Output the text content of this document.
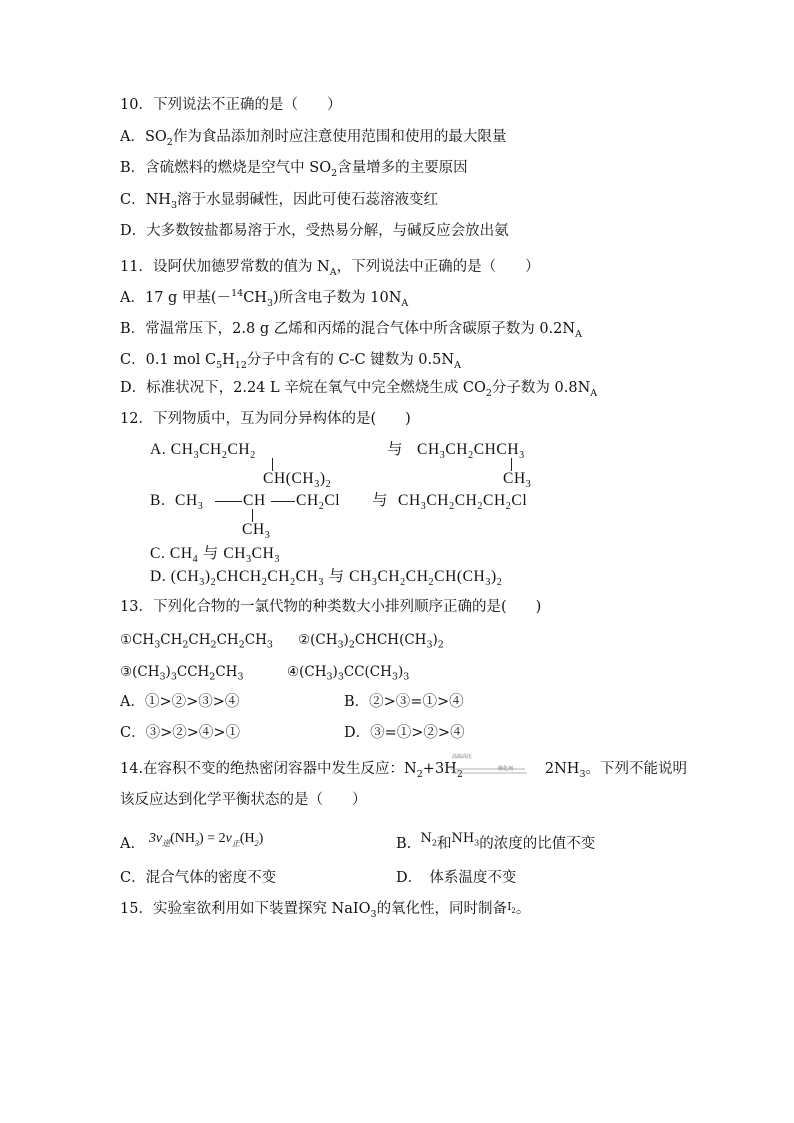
10．下列说法不正确的是（　　）
A．$SO_2$作为食品添加剂时应注意使用范围和使用的最大限量
B．含硫燃料的燃烧是空气中 $SO_2$含量增多的主要原因
C．$NH_3$溶于水显弱碱性，因此可使石蕊溶液变红
D．大多数铵盐都易溶于水，受热易分解，与碱反应会放出氨
11．设阿伏加德罗常数的值为 $N_A$，下列说法中正确的是（　　）
A．17 g 甲基$(-^{14}CH_3)$所含电子数为 $10N_A$
B．常温常压下，2.8 g 乙烯和丙烯的混合气体中所含碳原子数为 $0.2N_A$
C．0.1 mol $C_5H_{12}$分子中含有的 C-C 键数为 $0.5N_A$
D．标准状况下，2.24 L 辛烷在氧气中完全燃烧生成 $CO_2$分子数为 $0.8N_A$
12．下列物质中，互为同分异构体的是(　　)
A. $CH_3CH_2CH_2$
$CH(CH_3)_2$
与 $CH_3CH_2CHCH_3$
$CH_3$
B. $CH_3$	CH $CH_2Cl$
$CH_3$
与 $CH_3CH_2CH_2CH_2Cl$
C. $CH_4$ 与 $CH_3CH_3$
D. $(CH_3)_2CHCH_2CH_2CH_3$ 与 $CH_3CH_2CH_2CH(CH_3)_2$
13．下列化合物的一氯代物的种类数大小排列顺序正确的是(　　)
$①CH_3CH_2CH_2CH_2CH_3$ $②(CH_3)_2CHCH(CH_3)_2$
$③(CH_3)_3CCH_2CH_3$	$④(CH_3)_3CC(CH_3)_3$
A．①>②>③>④	B．②>③=①>④
C．③>②>④>①	D．③=①>②>④
14.在容积不变的绝热密闭容器中发生反应：$N_2+3H_2$	$2NH_3$。下列不能说明
高温高压
催化剂
该反应达到化学平衡状态的是（　　）
A. $3v_逆(NH_3) = 2v_正(H_2)$	B. $N_2$和$NH_3$的浓度的比值不变
C．混合气体的密度不变	D．　体系温度不变
15．实验室欲利用如下装置探究 NaIO$_3$的氧化性，同时制备$^{I_2}$。
